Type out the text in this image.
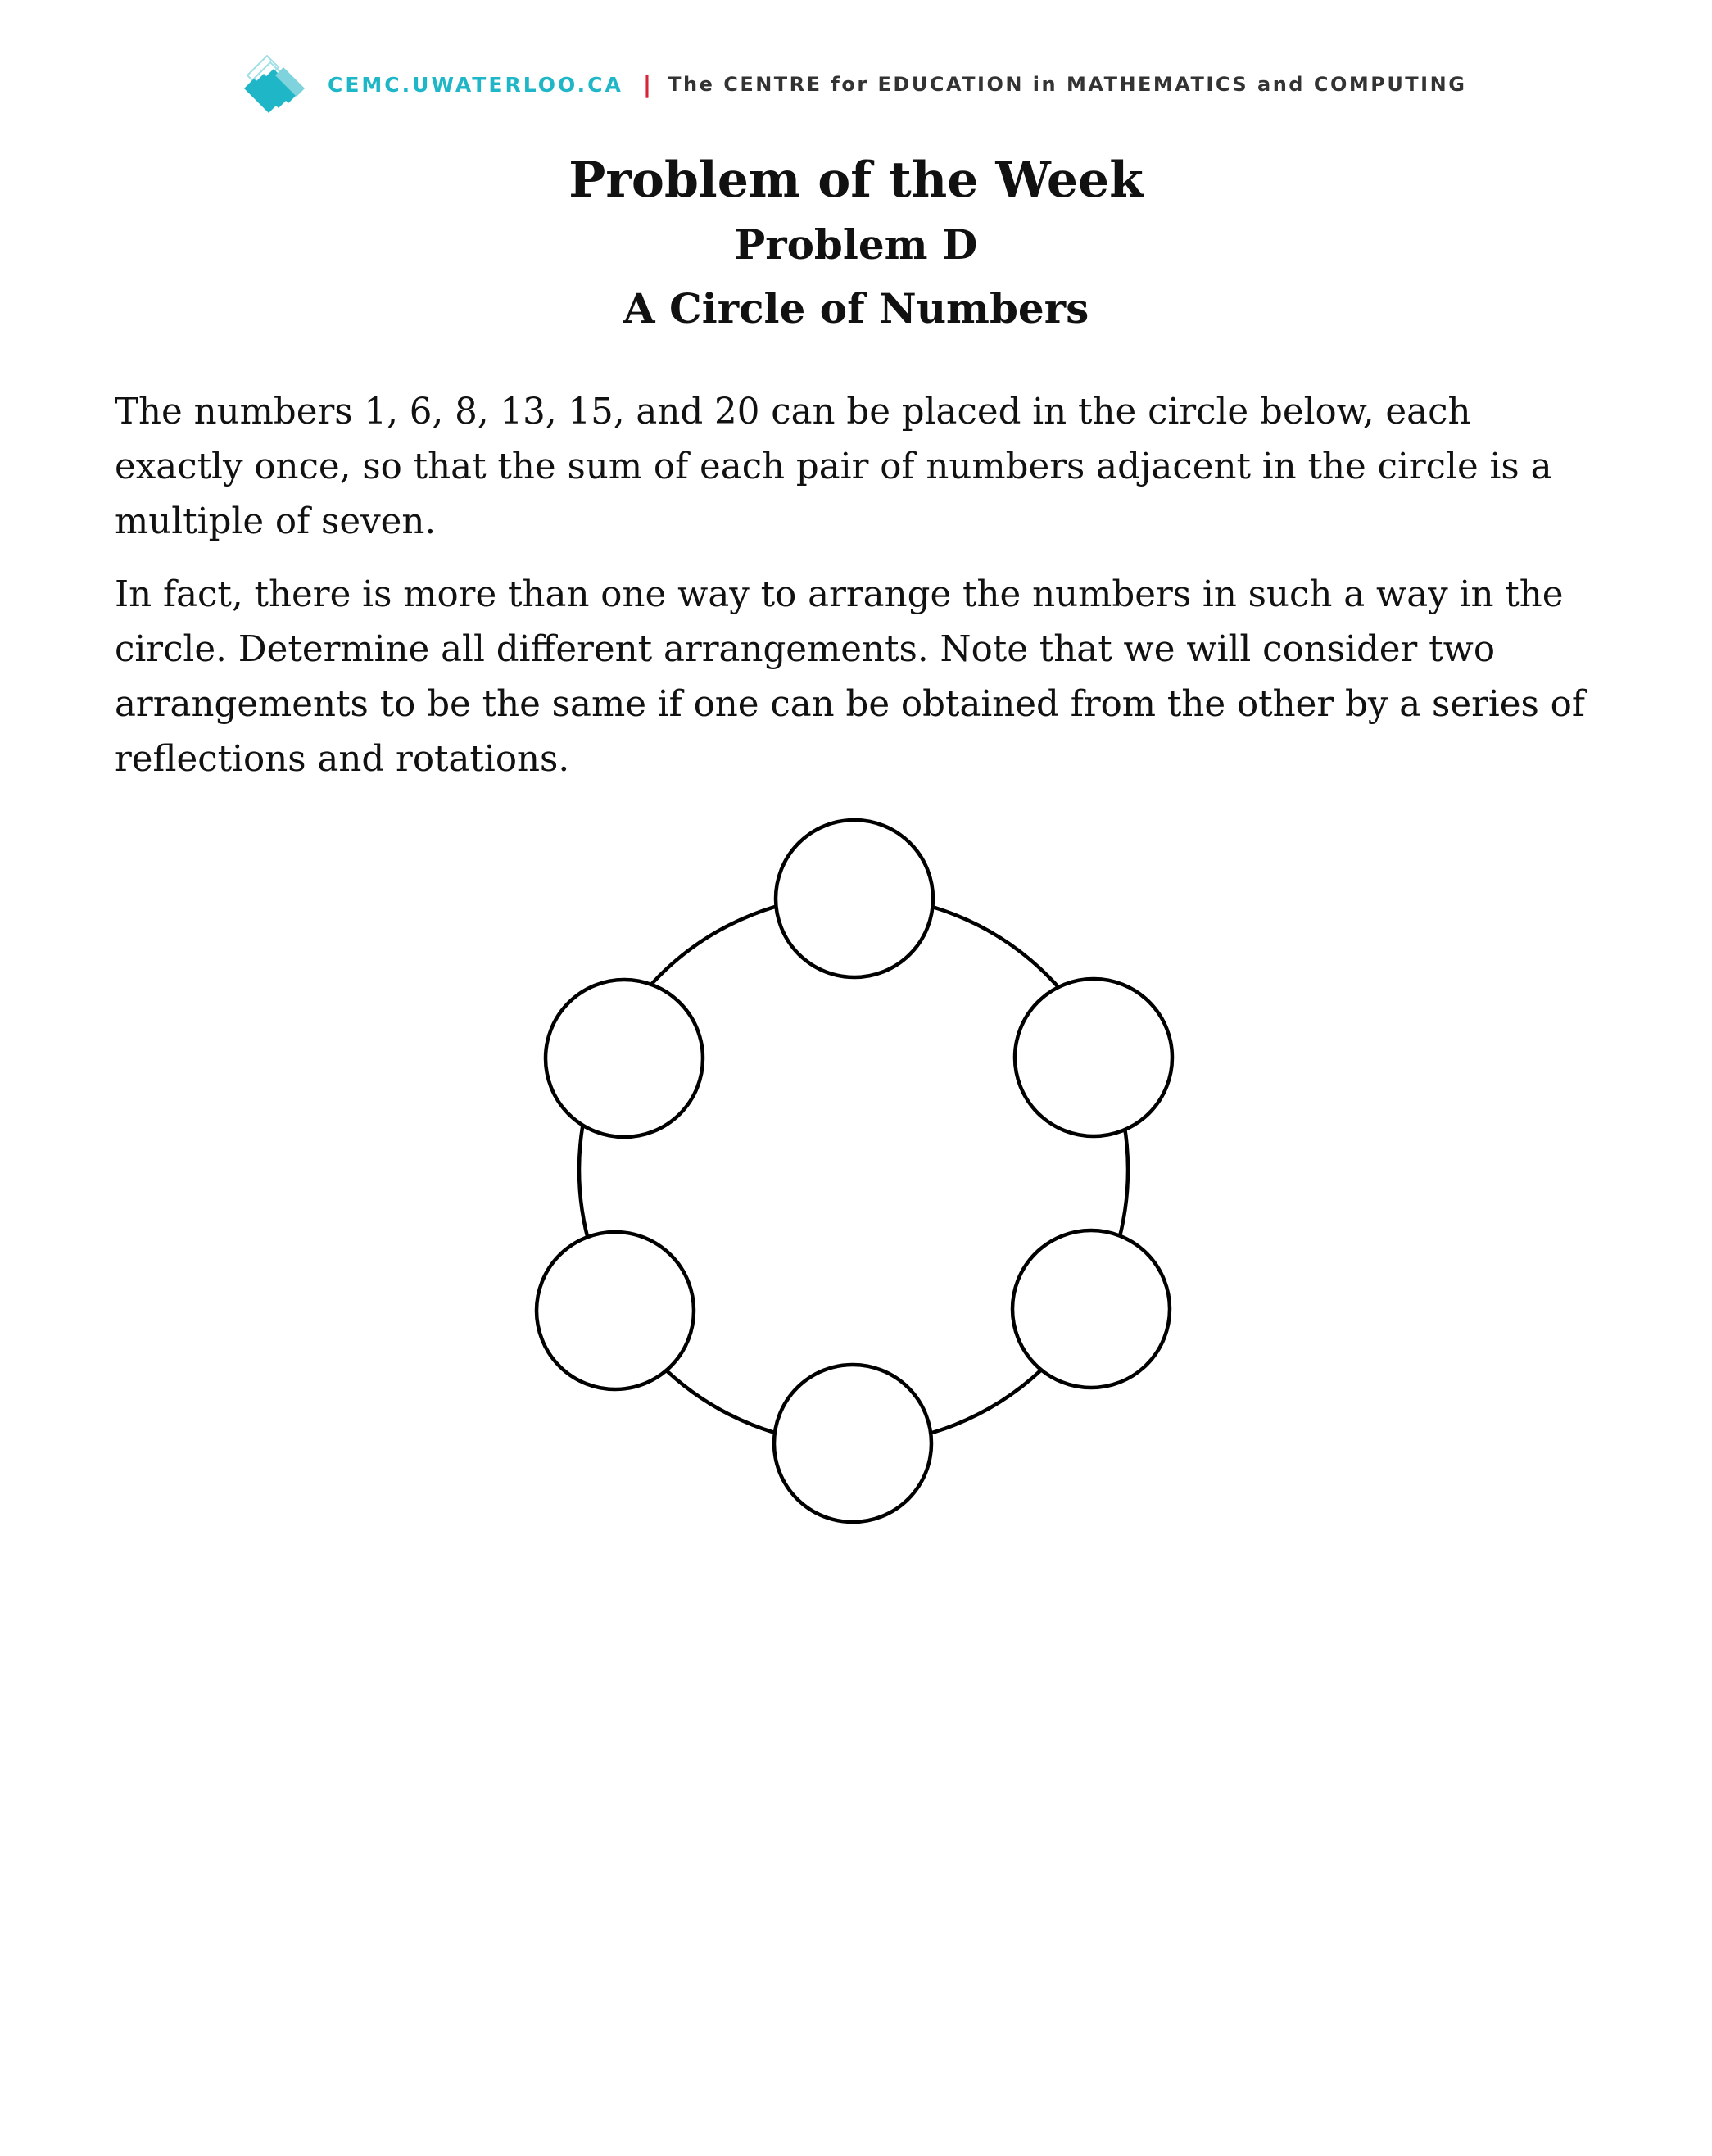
CEMC.UWATERLOO.CA | The CENTRE for EDUCATION in MATHEMATICS and COMPUTING
Problem of the Week
Problem D
A Circle of Numbers

The numbers 1, 6, 8, 13, 15, and 20 can be placed in the circle below, each exactly once, so that the sum of each pair of numbers adjacent in the circle is a multiple of seven.

In fact, there is more than one way to arrange the numbers in such a way in the circle. Determine all different arrangements. Note that we will consider two arrangements to be the same if one can be obtained from the other by a series of reflections and rotations.
